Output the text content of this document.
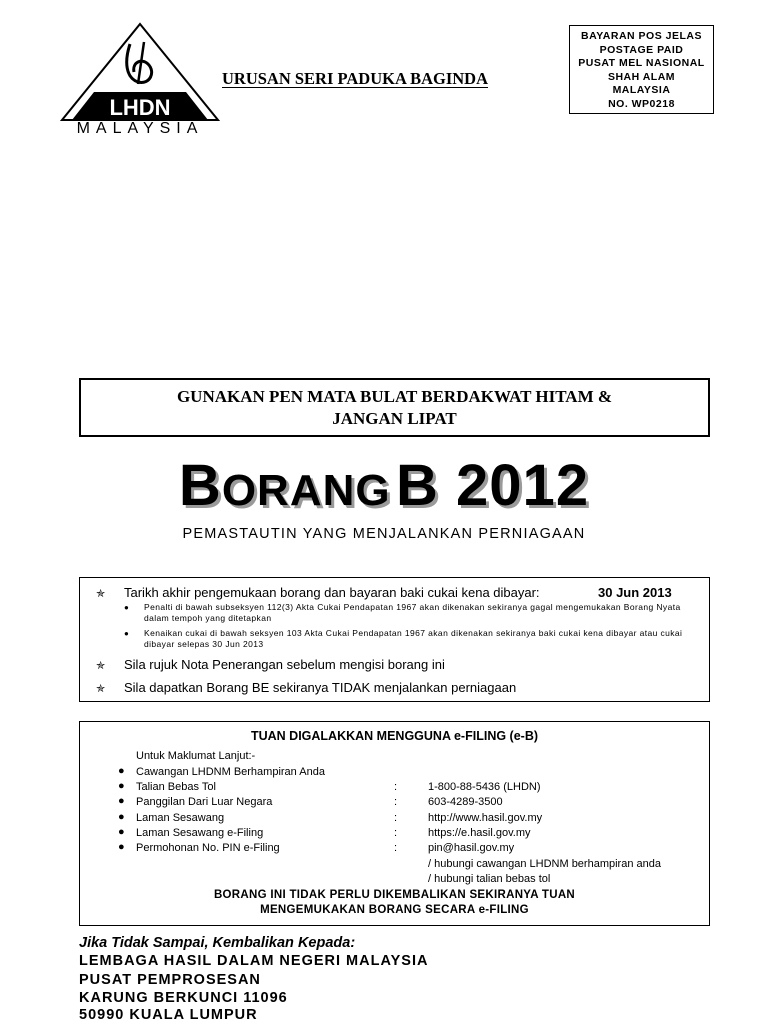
LHDN
MALAYSIA
URUSAN SERI PADUKA BAGINDA
BAYARAN POS JELAS
POSTAGE PAID
PUSAT MEL NASIONAL
SHAH ALAM
MALAYSIA
NO. WP0218
GUNAKAN PEN MATA BULAT BERDAKWAT HITAM &
JANGAN LIPAT
BORANG B 2012
PEMASTAUTIN YANG MENJALANKAN PERNIAGAAN
✯ Tarikh akhir pengemukaan borang dan bayaran baki cukai kena dibayar:	30 Jun 2013
● Penalti di bawah subseksyen 112(3) Akta Cukai Pendapatan 1967 akan dikenakan sekiranya gagal mengemukakan Borang Nyata dalam tempoh yang ditetapkan
● Kenaikan cukai di bawah seksyen 103 Akta Cukai Pendapatan 1967 akan dikenakan sekiranya baki cukai kena dibayar atau cukai dibayar selepas 30 Jun 2013
✯ Sila rujuk Nota Penerangan sebelum mengisi borang ini
✯ Sila dapatkan Borang BE sekiranya TIDAK menjalankan perniagaan
TUAN DIGALAKKAN MENGGUNA e-FILING (e-B)
Untuk Maklumat Lanjut:-
● Cawangan LHDNM Berhampiran Anda
● Talian Bebas Tol	:	1-800-88-5436 (LHDN)
● Panggilan Dari Luar Negara	:	603-4289-3500
● Laman Sesawang	:	http://www.hasil.gov.my
● Laman Sesawang e-Filing	:	https://e.hasil.gov.my
● Permohonan No. PIN e-Filing	:	pin@hasil.gov.my
/ hubungi cawangan LHDNM berhampiran anda
/ hubungi talian bebas tol
BORANG INI TIDAK PERLU DIKEMBALIKAN SEKIRANYA TUAN
MENGEMUKAKAN BORANG SECARA e-FILING
Jika Tidak Sampai, Kembalikan Kepada:
LEMBAGA HASIL DALAM NEGERI MALAYSIA
PUSAT PEMPROSESAN
KARUNG BERKUNCI 11096
50990 KUALA LUMPUR
